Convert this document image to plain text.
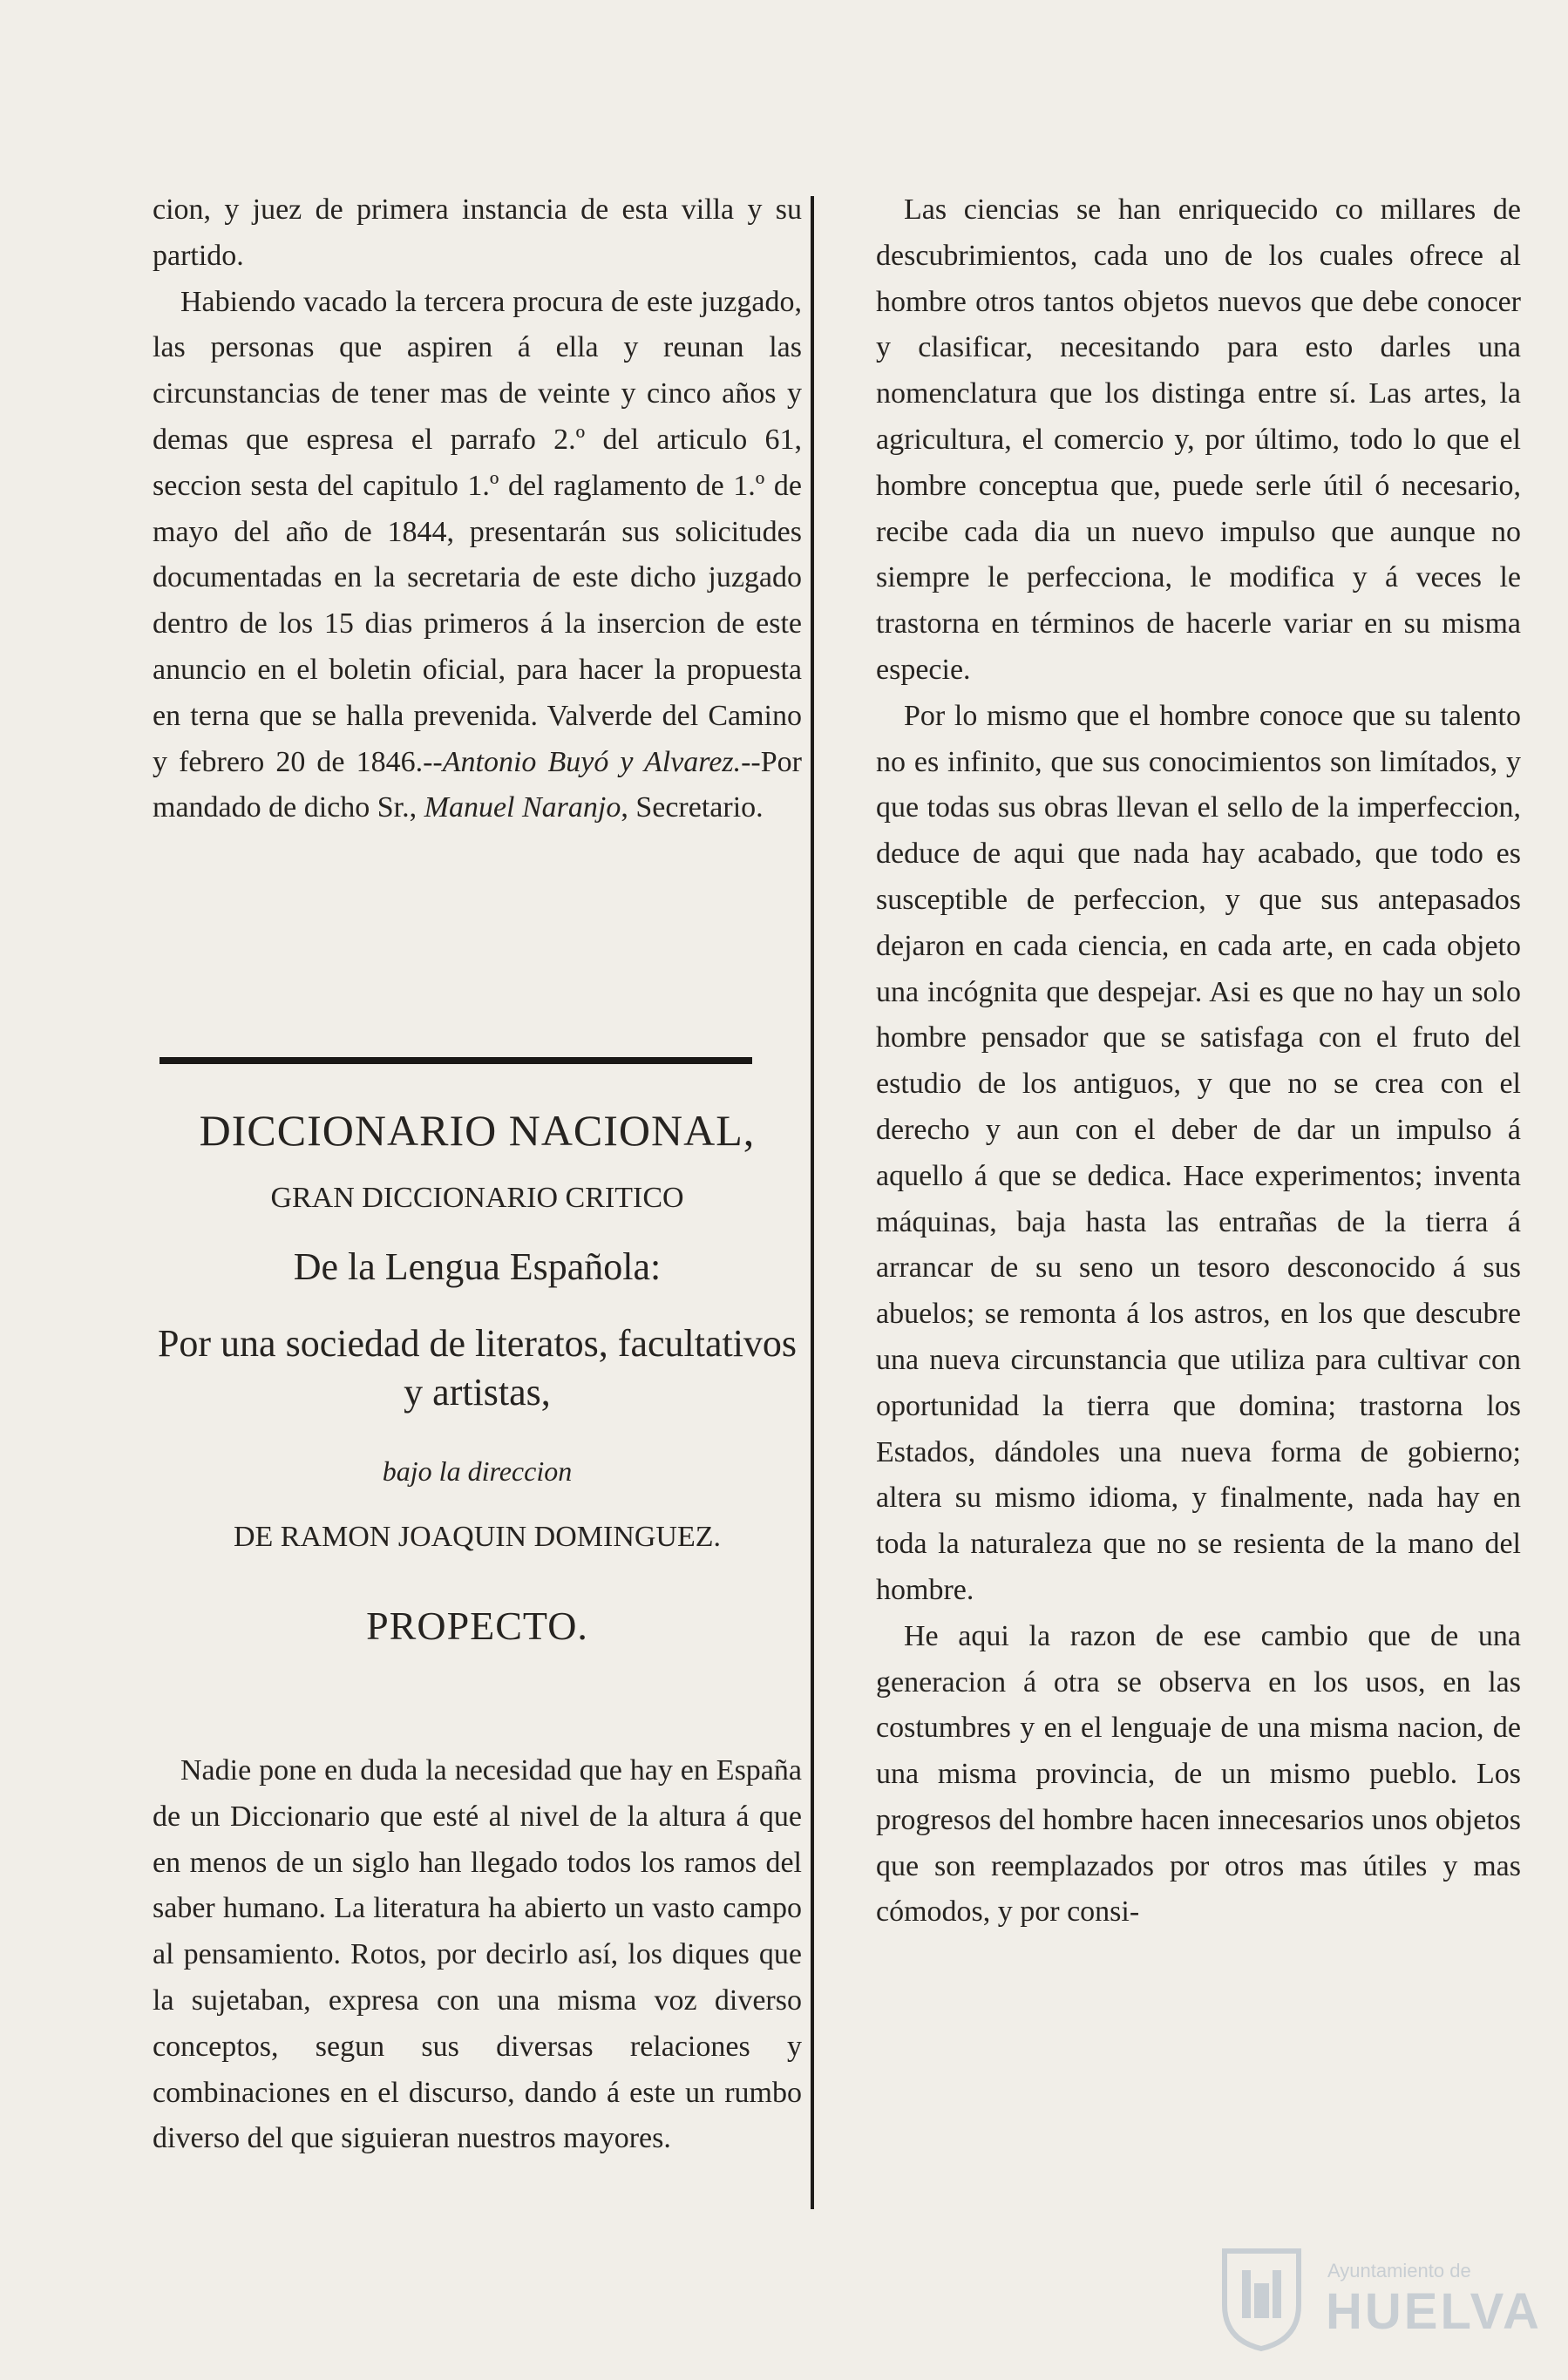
cion, y juez de primera instancia de esta villa y su partido.

Habiendo vacado la tercera procura de este juzgado, las personas que aspiren á ella y reunan las circunstancias de tener mas de veinte y cinco años y demas que espresa el parrafo 2.º del articulo 61, seccion sesta del capitulo 1.º del raglamento de 1.º de mayo del año de 1844, presentarán sus solicitudes documentadas en la secretaria de este dicho juzgado dentro de los 15 dias primeros á la insercion de este anuncio en el boletin oficial, para hacer la propuesta en terna que se halla prevenida. Valverde del Camino y febrero 20 de 1846.--Antonio Buyó y Alvarez.--Por mandado de dicho Sr., Manuel Naranjo, Secretario.

DICCIONARIO NACIONAL,

GRAN DICCIONARIO CRITICO

De la Lengua Española:

Por una sociedad de literatos, facultativos y artistas,

bajo la direccion

DE RAMON JOAQUIN DOMINGUEZ.

PROPECTO.

Nadie pone en duda la necesidad que hay en España de un Diccionario que esté al nivel de la altura á que en menos de un siglo han llegado todos los ramos del saber humano. La literatura ha abierto un vasto campo al pensamiento. Rotos, por decirlo así, los diques que la sujetaban, expresa con una misma voz diverso conceptos, segun sus diversas relaciones y combinaciones en el discurso, dando á este un rumbo diverso del que siguieran nuestros mayores.

Las ciencias se han enriquecido co millares de descubrimientos, cada uno de los cuales ofrece al hombre otros tantos objetos nuevos que debe conocer y clasificar, necesitando para esto darles una nomenclatura que los distinga entre sí. Las artes, la agricultura, el comercio y, por último, todo lo que el hombre conceptua que, puede serle útil ó necesario, recibe cada dia un nuevo impulso que aunque no siempre le perfecciona, le modifica y á veces le trastorna en términos de hacerle variar en su misma especie.

Por lo mismo que el hombre conoce que su talento no es infinito, que sus conocimientos son limítados, y que todas sus obras llevan el sello de la imperfeccion, deduce de aqui que nada hay acabado, que todo es susceptible de perfeccion, y que sus antepasados dejaron en cada ciencia, en cada arte, en cada objeto una incógnita que despejar. Asi es que no hay un solo hombre pensador que se satisfaga con el fruto del estudio de los antiguos, y que no se crea con el derecho y aun con el deber de dar un impulso á aquello á que se dedica. Hace experimentos; inventa máquinas, baja hasta las entrañas de la tierra á arrancar de su seno un tesoro desconocido á sus abuelos; se remonta á los astros, en los que descubre una nueva circunstancia que utiliza para cultivar con oportunidad la tierra que domina; trastorna los Estados, dándoles una nueva forma de gobierno; altera su mismo idioma, y finalmente, nada hay en toda la naturaleza que no se resienta de la mano del hombre.

He aqui la razon de ese cambio que de una generacion á otra se observa en los usos, en las costumbres y en el lenguaje de una misma nacion, de una misma provincia, de un mismo pueblo. Los progresos del hombre hacen innecesarios unos objetos que son reemplazados por otros mas útiles y mas cómodos, y por consi-

Ayuntamiento de
HUELVA
